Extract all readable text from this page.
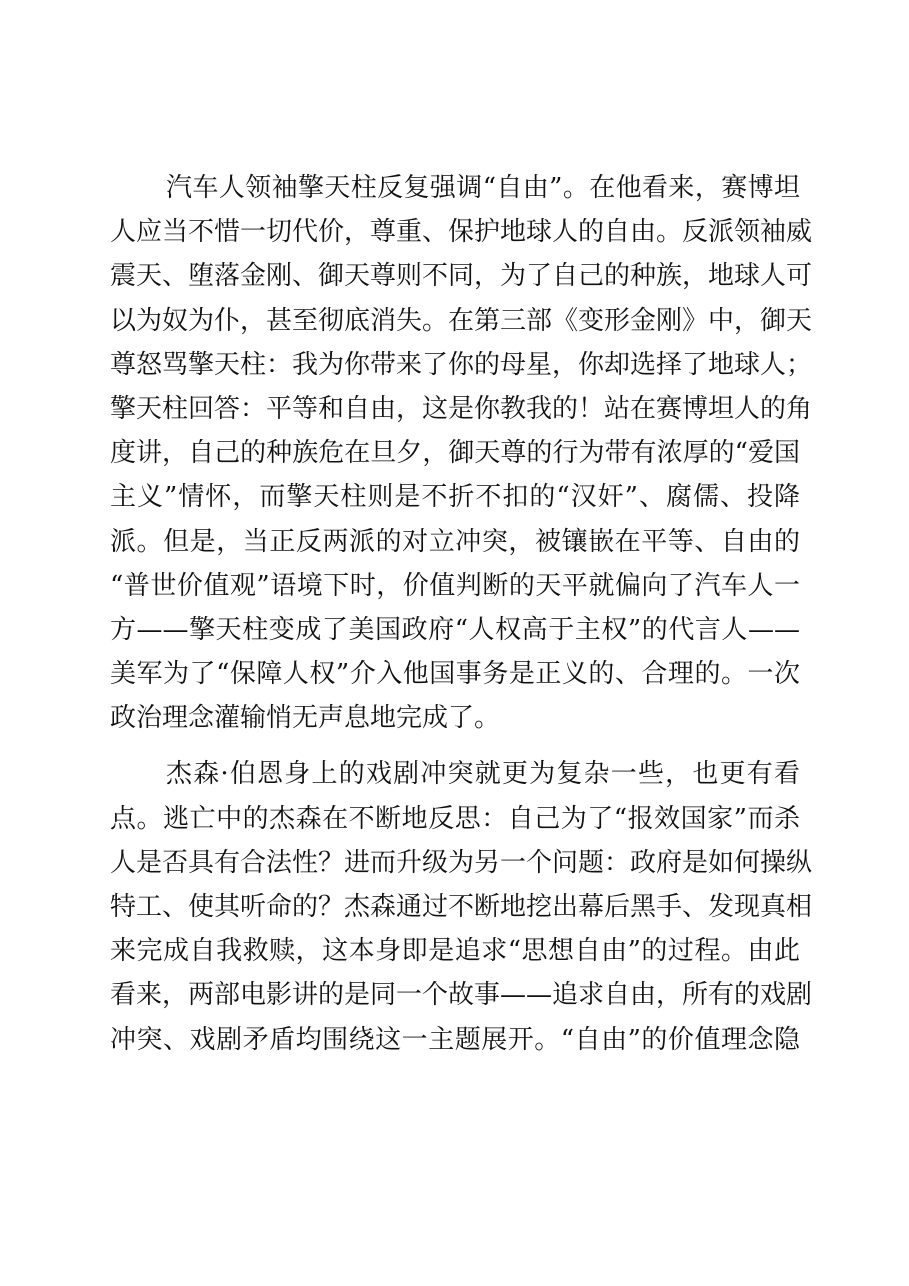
汽车人领袖擎天柱反复强调“自由”。在他看来，赛博坦
人应当不惜一切代价，尊重、保护地球人的自由。反派领袖威
震天、堕落金刚、御天尊则不同，为了自己的种族，地球人可
以为奴为仆，甚至彻底消失。在第三部《变形金刚》中，御天
尊怒骂擎天柱：我为你带来了你的母星，你却选择了地球人；
擎天柱回答：平等和自由，这是你教我的！站在赛博坦人的角
度讲，自己的种族危在旦夕，御天尊的行为带有浓厚的“爱国
主义”情怀，而擎天柱则是不折不扣的“汉奸”、腐儒、投降
派。但是，当正反两派的对立冲突，被镶嵌在平等、自由的
“普世价值观”语境下时，价值判断的天平就偏向了汽车人一
方——擎天柱变成了美国政府“人权高于主权”的代言人——
美军为了“保障人权”介入他国事务是正义的、合理的。一次
政治理念灌输悄无声息地完成了。
杰森·伯恩身上的戏剧冲突就更为复杂一些，也更有看
点。逃亡中的杰森在不断地反思：自己为了“报效国家”而杀
人是否具有合法性？进而升级为另一个问题：政府是如何操纵
特工、使其听命的？杰森通过不断地挖出幕后黑手、发现真相
来完成自我救赎，这本身即是追求“思想自由”的过程。由此
看来，两部电影讲的是同一个故事——追求自由，所有的戏剧
冲突、戏剧矛盾均围绕这一主题展开。“自由”的价值理念隐
